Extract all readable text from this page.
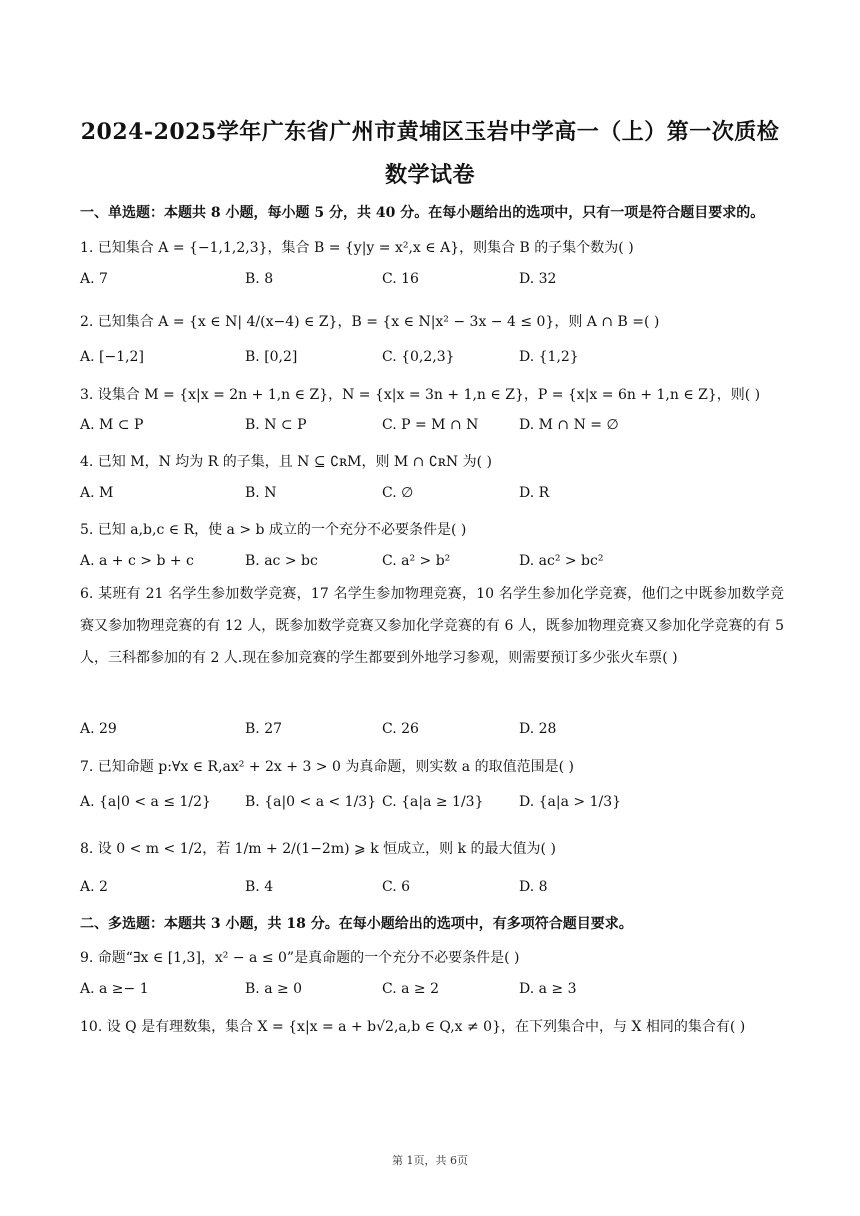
2024-2025学年广东省广州市黄埔区玉岩中学高一（上）第一次质检
数学试卷
一、单选题：本题共 8 小题，每小题 5 分，共 40 分。在每小题给出的选项中，只有一项是符合题目要求的。
1. 已知集合 A = {−1,1,2,3}，集合 B = {y|y = x²,x ∈ A}，则集合 B 的子集个数为( )
A. 7	B. 8	C. 16	D. 32
2. 已知集合 A = {x ∈ N| 4/(x−4) ∈ Z}，B = {x ∈ N|x² − 3x − 4 ≤ 0}，则 A ∩ B =( )
A. [−1,2]	B. [0,2]	C. {0,2,3}	D. {1,2}
3. 设集合 M = {x|x = 2n + 1,n ∈ Z}，N = {x|x = 3n + 1,n ∈ Z}，P = {x|x = 6n + 1,n ∈ Z}，则( )
A. M ⊂ P	B. N ⊂ P	C. P = M ∩ N	D. M ∩ N = ∅
4. 已知 M，N 均为 R 的子集，且 N ⊆ ∁ʀM，则 M ∩ ∁ʀN 为( )
A. M	B. N	C. ∅	D. R
5. 已知 a,b,c ∈ R，使 a > b 成立的一个充分不必要条件是( )
A. a + c > b + c	B. ac > bc	C. a² > b²	D. ac² > bc²
6. 某班有 21 名学生参加数学竞赛，17 名学生参加物理竞赛，10 名学生参加化学竞赛，他们之中既参加数学竞赛又参加物理竞赛的有 12 人，既参加数学竞赛又参加化学竞赛的有 6 人，既参加物理竞赛又参加化学竞赛的有 5 人，三科都参加的有 2 人.现在参加竞赛的学生都要到外地学习参观，则需要预订多少张火车票( )
A. 29	B. 27	C. 26	D. 28
7. 已知命题 p:∀x ∈ R,ax² + 2x + 3 > 0 为真命题，则实数 a 的取值范围是( )
A. {a|0 < a ≤ 1/2} B. {a|0 < a < 1/3} C. {a|a ≥ 1/3}	D. {a|a > 1/3}
8. 设 0 < m < 1/2，若 1/m + 2/(1−2m) ⩾ k 恒成立，则 k 的最大值为( )
A. 2	B. 4	C. 6	D. 8
二、多选题：本题共 3 小题，共 18 分。在每小题给出的选项中，有多项符合题目要求。
9. 命题“∃x ∈ [1,3]，x² − a ≤ 0”是真命题的一个充分不必要条件是( )
A. a ≥− 1	B. a ≥ 0	C. a ≥ 2	D. a ≥ 3
10. 设 Q 是有理数集，集合 X = {x|x = a + b√2,a,b ∈ Q,x ≠ 0}，在下列集合中，与 X 相同的集合有( )
第 1页，共 6页
